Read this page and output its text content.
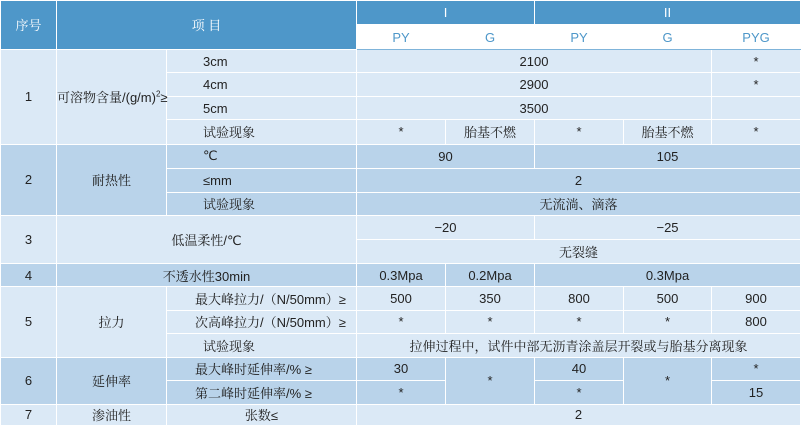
序号	项 目		I		II		
			PY	G	PY	G	PYG
1	可溶物含量$/(g/m)^2\ge$	3cm	2100				*
		4cm	2900				*
		5cm	3500				
		试验现象	*	胎基不燃	*	胎基不燃	*
2	耐热性	℃	90		105		
		≤mm	2				
		试验现象	无流淌、滴落				
3	低温柔性/℃		−20		−25		
			无裂缝				
4	不透水性30min		0.3Mpa	0.2Mpa	0.3Mpa		
5	拉力	最大峰拉力/（N/50mm）≥	500	350	800	500	900
		次高峰拉力/（N/50mm）≥	*	*	*	*	800
		试验现象	拉伸过程中，试件中部无沥青涂盖层开裂或与胎基分离现象				
6	延伸率	最大峰时延伸率/% ≥	30	*	40	*	*
		第二峰时延伸率/% ≥	*		*		15
7	渗油性	张数≤	2				
